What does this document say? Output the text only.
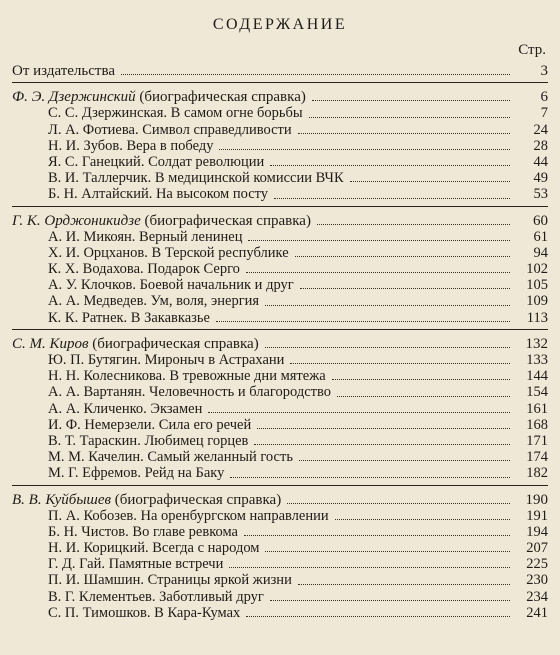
СОДЕРЖАНИЕ
Стр.
От издательства	3
Ф. Э. Дзержинский (биографическая справка)	6
С. С. Дзержинская. В самом огне борьбы	7
Л. А. Фотиева. Символ справедливости	24
Н. И. Зубов. Вера в победу	28
Я. С. Ганецкий. Солдат революции	44
В. И. Таллерчик. В медицинской комиссии ВЧК	49
Б. Н. Алтайский. На высоком посту	53
Г. К. Орджоникидзе (биографическая справка)	60
А. И. Микоян. Верный ленинец	61
Х. И. Орцханов. В Терской республике	94
К. Х. Водахова. Подарок Серго	102
А. У. Клочков. Боевой начальник и друг	105
А. А. Медведев. Ум, воля, энергия	109
К. К. Ратнек. В Закавказье	113
С. М. Киров (биографическая справка)	132
Ю. П. Бутягин. Мироныч в Астрахани	133
Н. Н. Колесникова. В тревожные дни мятежа	144
А. А. Вартанян. Человечность и благородство	154
А. А. Кличенко. Экзамен	161
И. Ф. Немерзели. Сила его речей	168
В. Т. Тараскин. Любимец горцев	171
М. М. Качелин. Самый желанный гость	174
М. Г. Ефремов. Рейд на Баку	182
В. В. Куйбышев (биографическая справка)	190
П. А. Кобозев. На оренбургском направлении	191
Б. Н. Чистов. Во главе ревкома	194
Н. И. Корицкий. Всегда с народом	207
Г. Д. Гай. Памятные встречи	225
П. И. Шамшин. Страницы яркой жизни	230
В. Г. Клементьев. Заботливый друг	234
С. П. Тимошков. В Кара-Кумах	241
